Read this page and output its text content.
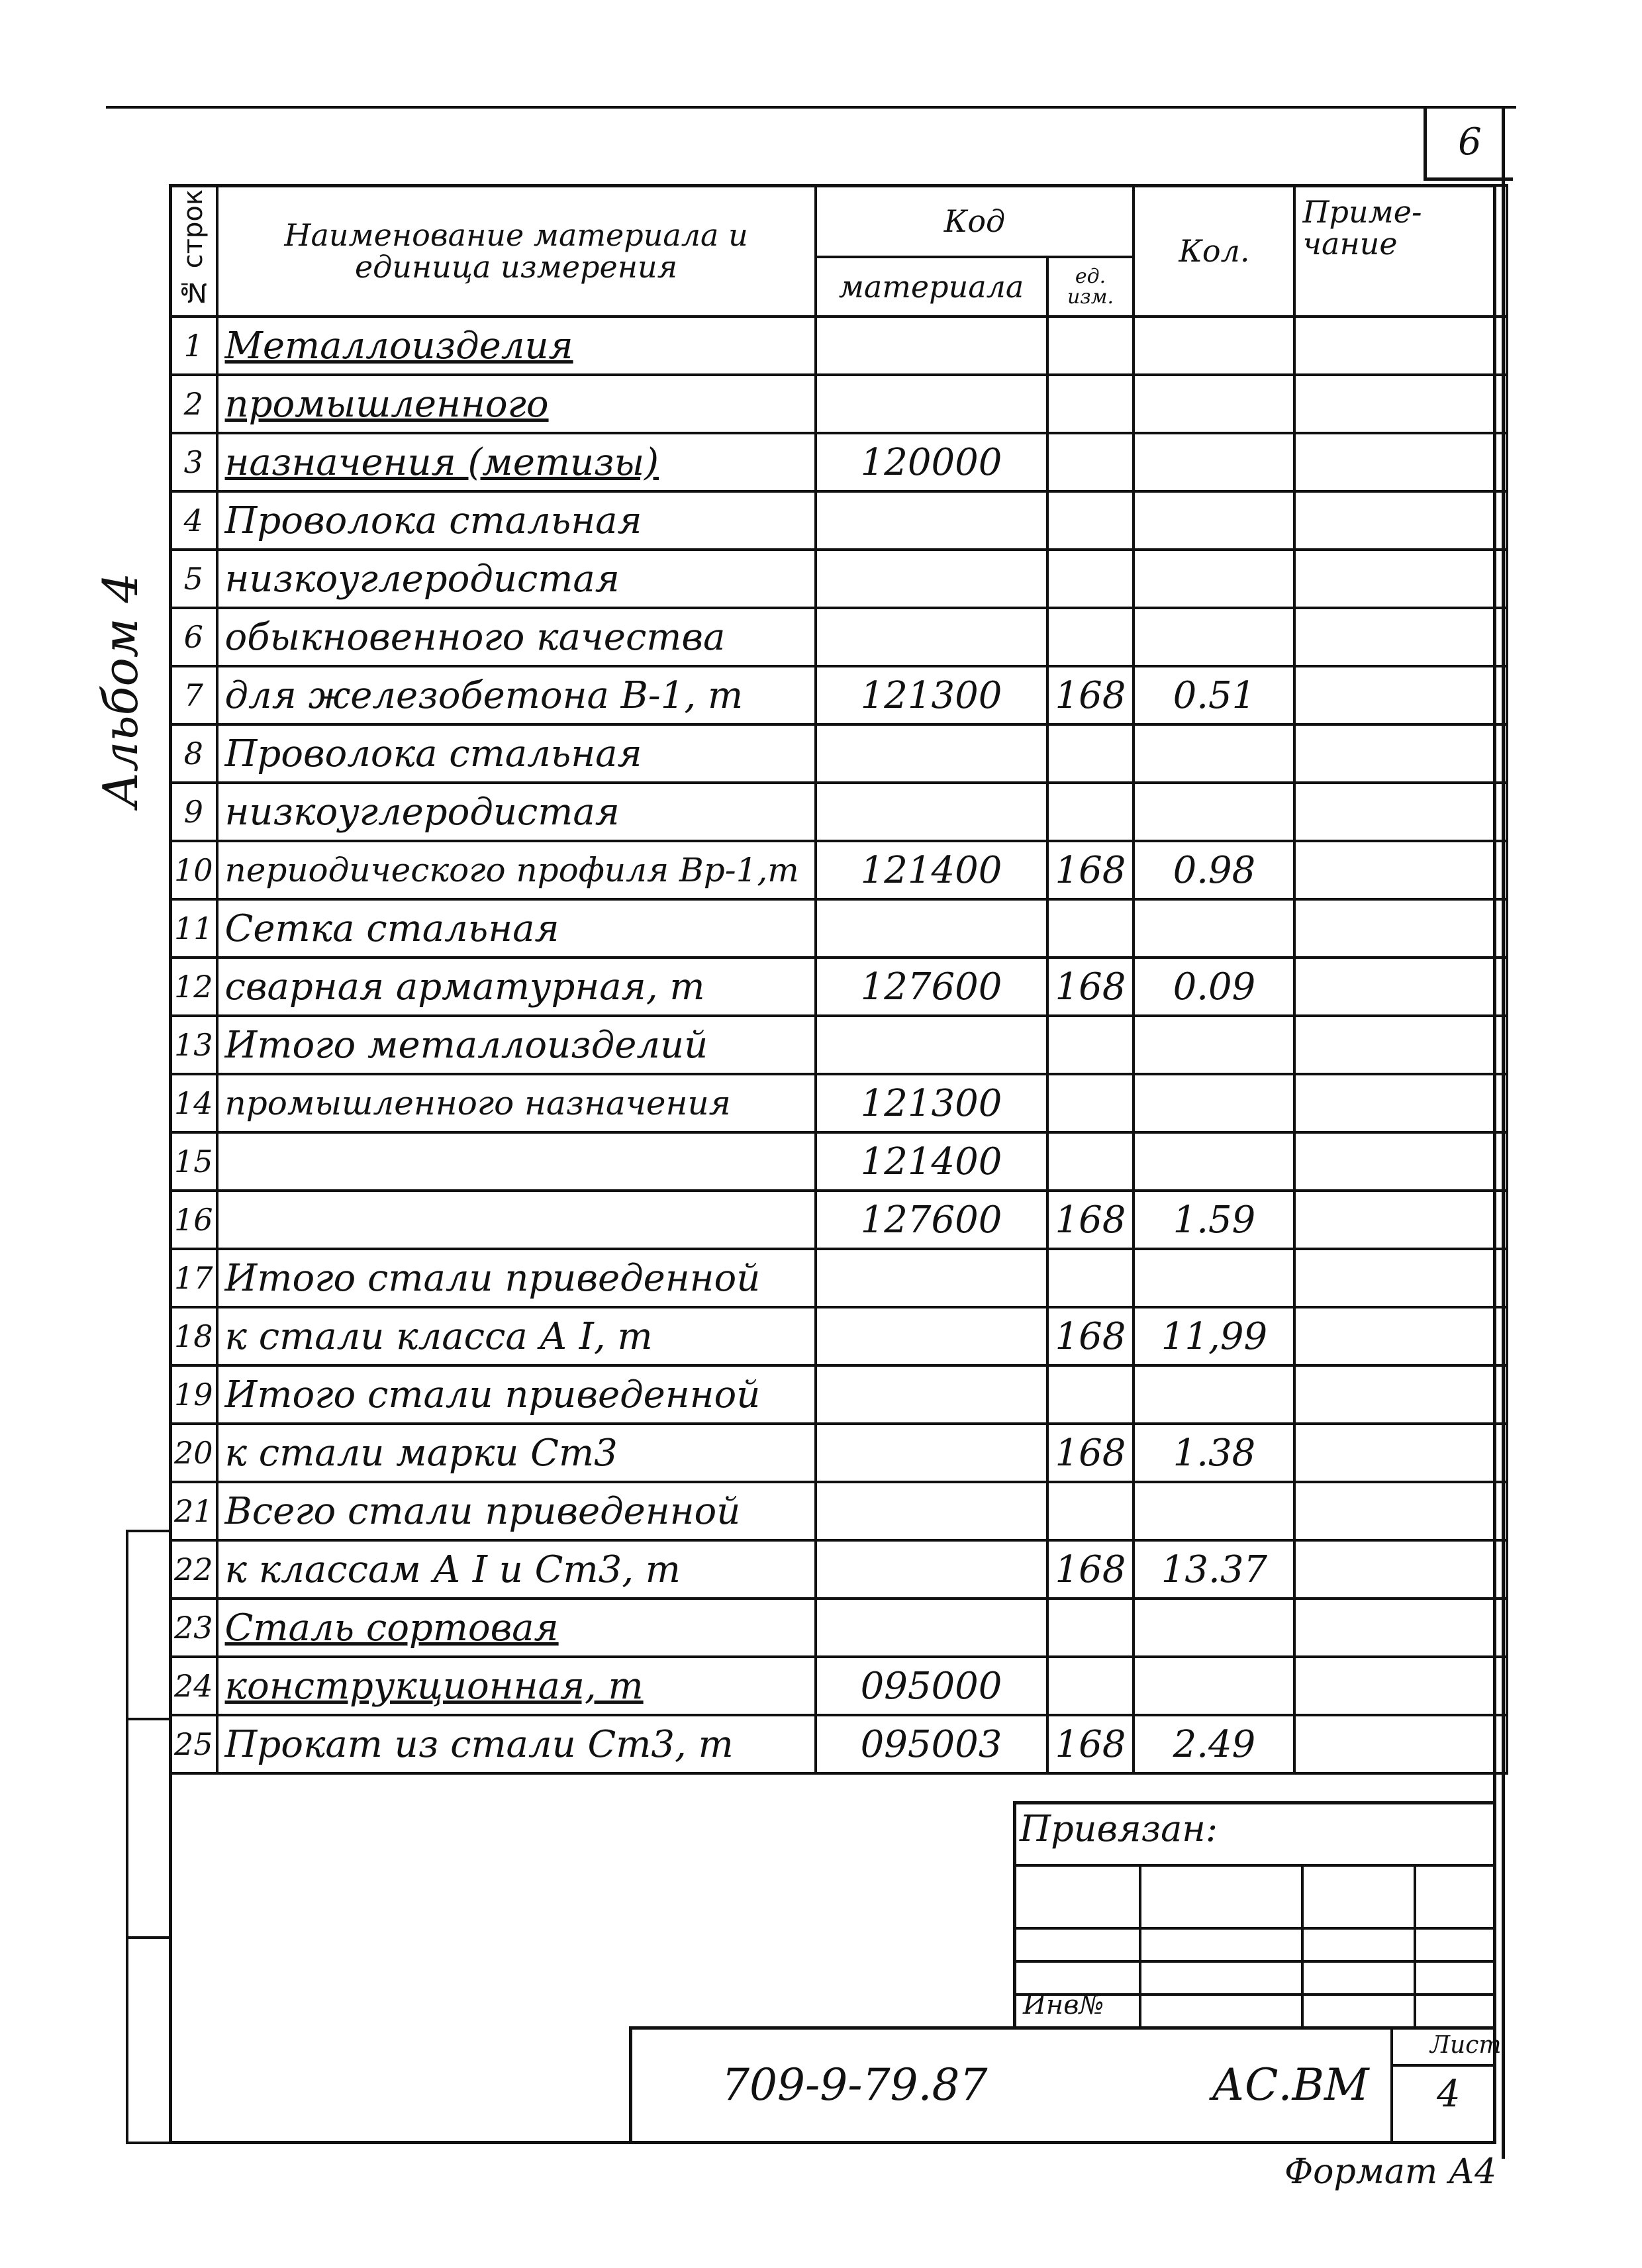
6
Альбом 4
№ строк	Наименование материала и единица измерения	Код		Кол.	Приме- чание
		материала	ед. изм.		
1	Металлоизделия				
2	промышленного				
3	назначения (метизы)	120000			
4	Проволока стальная				
5	низкоуглеродистая				
6	обыкновенного качества				
7	для железобетона В-1, т	121300	168	0.51	
8	Проволока стальная				
9	низкоуглеродистая				
10	периодического профиля Вр-1,т	121400	168	0.98	
11	Сетка стальная				
12	сварная арматурная, т	127600	168	0.09	
13	Итого металлоизделий				
14	промышленного назначения	121300			
15		121400			
16		127600	168	1.59	
17	Итого стали приведенной				
18	к стали класса А I, т		168	11,99	
19	Итого стали приведенной				
20	к стали марки Ст3		168	1.38	
21	Всего стали приведенной				
22	к классам А I и Ст3, т		168	13.37	
23	Сталь сортовая				
24	конструкционная, т	095000			
25	Прокат из стали Ст3, т	095003	168	2.49	
Привязан:
Инв№
709-9-79.87	АС.ВМ
Лист
4
Формат А4
